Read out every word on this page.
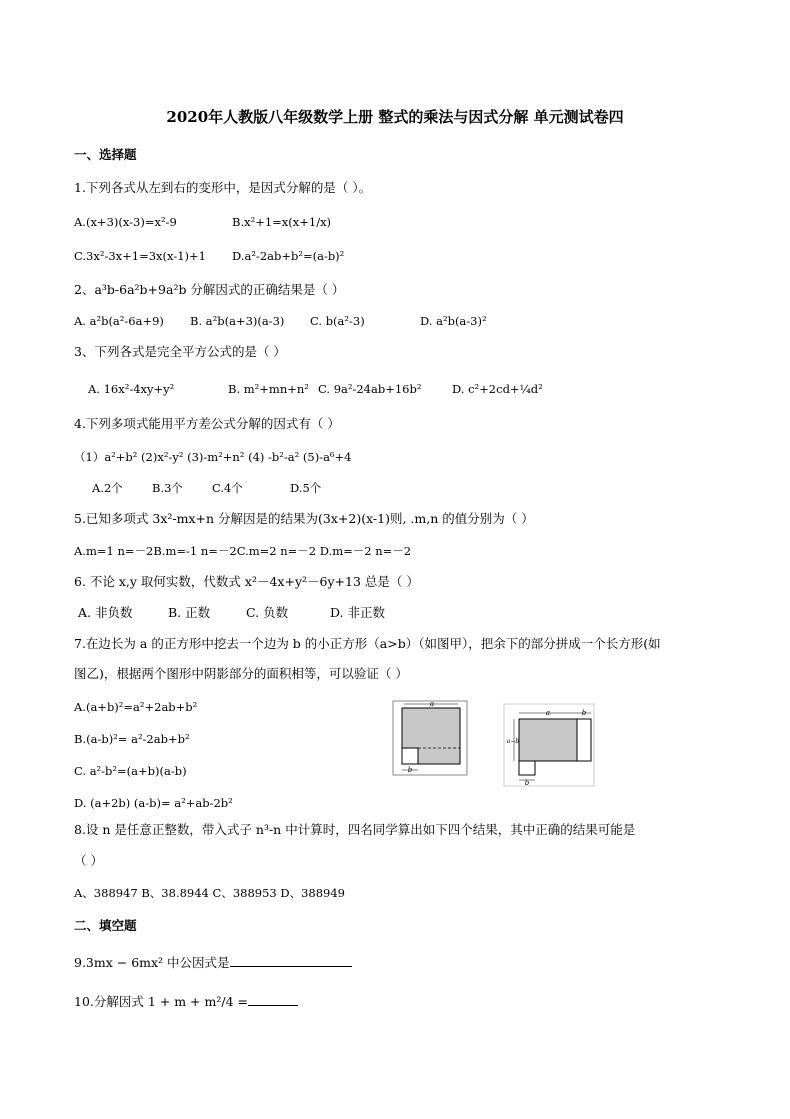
2020年人教版八年级数学上册 整式的乘法与因式分解 单元测试卷四
一、选择题
1.下列各式从左到右的变形中，是因式分解的是（ ）。
A.(x+3)(x-3)=x²-9	B.x²+1=x(x+1/x)
C.3x²-3x+1=3x(x-1)+1 D.a²-2ab+b²=(a-b)²
2、a³b-6a²b+9a²b 分解因式的正确结果是（ ）
A. a²b(a²-6a+9) B. a²b(a+3)(a-3) C. b(a²-3)	D. a²b(a-3)²
3、下列各式是完全平方公式的是（ ）
A. 16x²-4xy+y²	B. m²+mn+n² C. 9a²-24ab+16b²	D. c²+2cd+¼d²
4.下列多项式能用平方差公式分解的因式有（ ）
（1）a²+b² (2)x²-y² (3)-m²+n² (4) -b²-a² (5)-a⁶+4
A.2个	B.3个	C.4个	D.5个
5.已知多项式 3x²-mx+n 分解因是的结果为(3x+2)(x-1)则, .m,n 的值分别为（ ）
A.m=1 n=－2B.m=-1 n=－2C.m=2 n=－2 D.m=－2 n=－2
6. 不论 x,y 取何实数，代数式 x²－4x+y²－6y+13 总是（ ）
A. 非负数	B. 正数	C. 负数	D. 非正数
7.在边长为 a 的正方形中挖去一个边为 b 的小正方形（a>b）（如图甲），把余下的部分拼成一个长方形(如
图乙)，根据两个图形中阴影部分的面积相等，可以验证（ ）
A.(a+b)²=a²+2ab+b²
B.(a-b)²= a²-2ab+b²
C. a²-b²=(a+b)(a-b)
D. (a+2b) (a-b)= a²+ab-2b²
a
b
a	b
a−b
b
8.设 n 是任意正整数，带入式子 n³-n 中计算时，四名同学算出如下四个结果，其中正确的结果可能是
（ ）
A、388947 B、38.8944 C、388953 D、388949
二、填空题
9.3mx − 6mx² 中公因式是
10.分解因式 1 + m + m²/4 =
